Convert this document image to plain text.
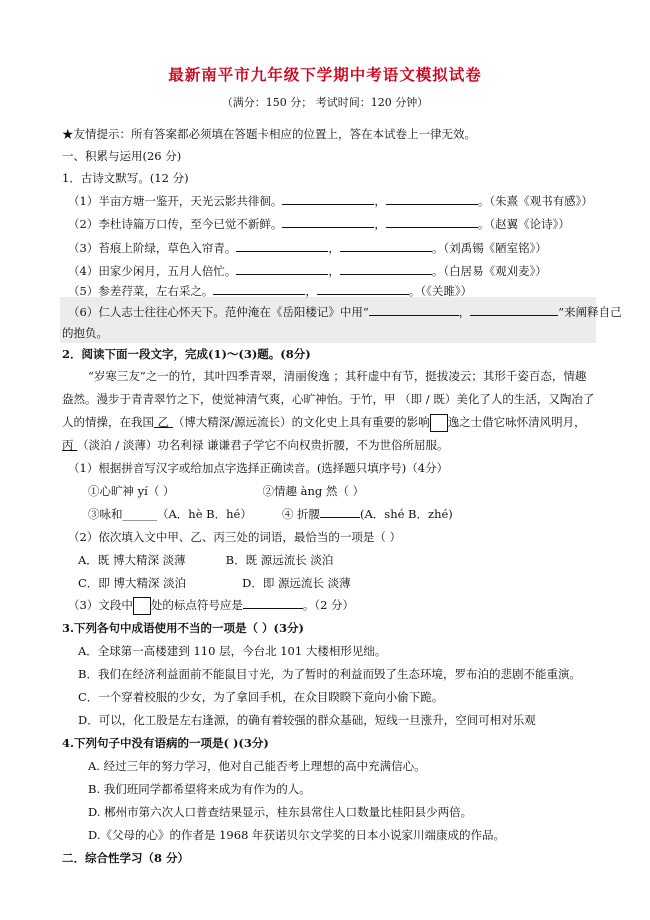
最新南平市九年级下学期中考语文模拟试卷
（满分：150 分； 考试时间：120 分钟）
★友情提示：所有答案都必须填在答题卡相应的位置上，答在本试卷上一律无效。
一、积累与运用(26 分)
1．古诗文默写。(12 分)
（1）半亩方塘一鉴开，天光云影共徘徊。	，	。（朱熹《观书有感》）
（2）李杜诗篇万口传，至今已觉不新鲜。	，	。（赵翼《论诗》）
（3）苔痕上阶绿，草色入帘青。	，	。（刘禹锡《陋室铭》）
（4）田家少闲月，五月人倍忙。	，	。（白居易《观刈麦》）
（5）参差荇菜，左右采之。	，	。（《关雎》）
（6）仁人志士往往心怀天下。范仲淹在《岳阳楼记》中用“	，	”来阐释自己
的抱负。
2．阅读下面一段文字，完成(1)～(3)题。(8分)
“岁寒三友”之一的竹，其叶四季青翠，清丽俊逸 ；其秆虚中有节，挺拔凌云；其形千姿百态，情趣
盎然。漫步于青青翠竹之下，使觉神清气爽，心旷神怡。于竹，甲 （即 / 既）美化了人的生活，又陶冶了
人的情操，在我国 乙 （博大精深/源远流长）的文化史上具有重要的影响 逸之士借它咏怀清风明月，
丙 （淡泊 / 淡薄）功名利禄 谦谦君子学它不向权贵折腰，不为世俗所屈服。
（1）根据拼音写汉字或给加点字选择正确读音。(选择题只填序号)（4分）
①心旷神 yí（ ）	②情趣 àng 然（ ）
③咏和______（A．hè B．hé）	④ 折腰	(A．shé B．zhé)
（2）依次填入文中甲、乙、丙三处的词语，最恰当的一项是（ ）
A．既 博大精深 淡薄	B．既 源远流长 淡泊
C．即 博大精深 淡泊	D．即 源远流长 淡薄
（3）文段中 处的标点符号应是	。（2 分）
3.下列各句中成语使用不当的一项是（ ）(3分)
A．全球第一高楼建到 110 层，今台北 101 大楼相形见绌。
B．我们在经济利益面前不能鼠目寸光，为了暂时的利益而毁了生态环境，罗布泊的悲剧不能重演。
C．一个穿着校服的少女，为了拿回手机，在众目睽睽下竟向小偷下跪。
D．可以，化工股是左右逢源，的确有着较强的群众基础，短线一旦涨升，空间可相对乐观
4.下列句子中没有语病的一项是( )(3分)
A. 经过三年的努力学习，他对自己能否考上理想的高中充满信心。
B. 我们班同学都希望将来成为有作为的人。
D. 郴州市第六次人口普查结果显示，桂东县常住人口数量比桂阳县少两倍。
D.《父母的心》的作者是 1968 年获诺贝尔文学奖的日本小说家川端康成的作品。
二．综合性学习（8 分）
